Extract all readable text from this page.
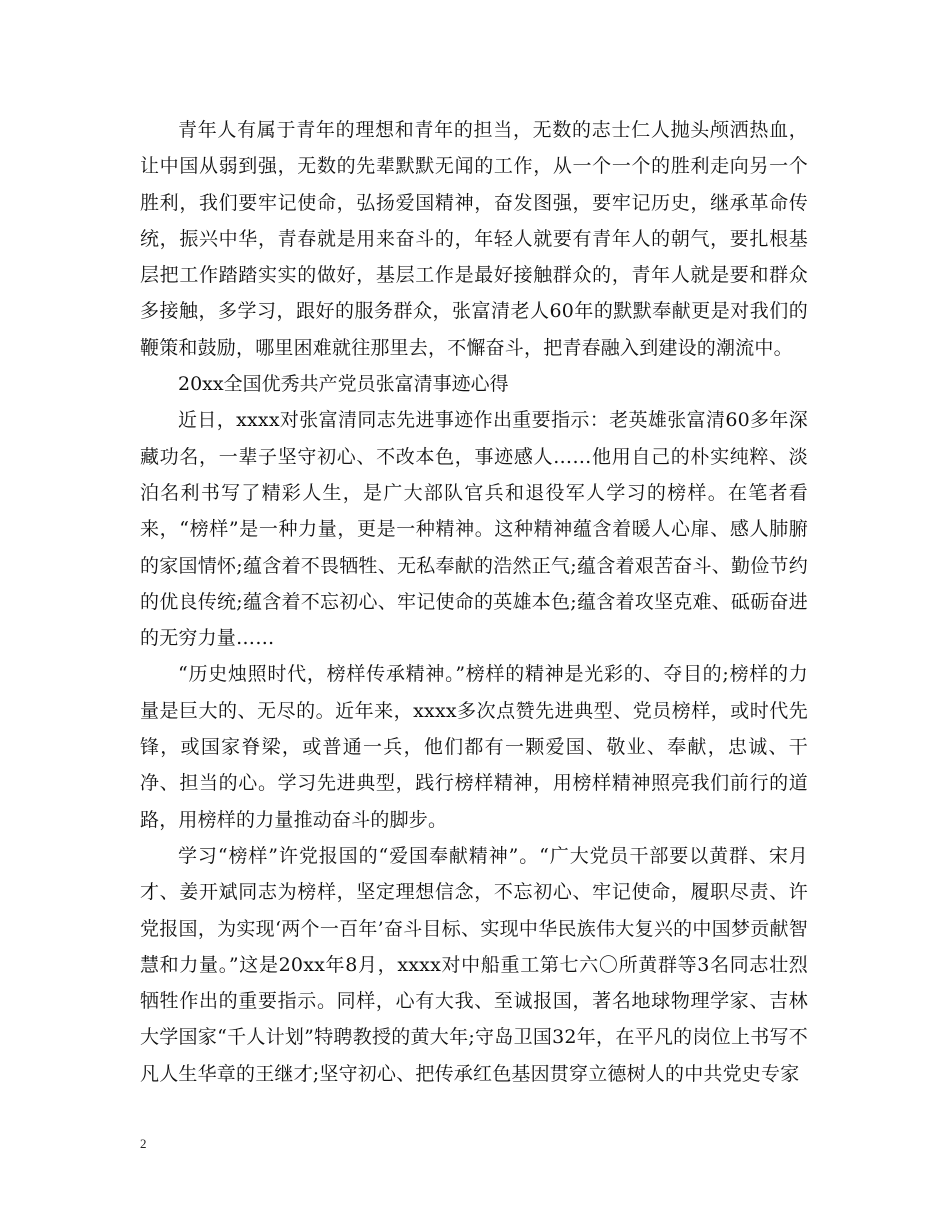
青年人有属于青年的理想和青年的担当，无数的志士仁人抛头颅洒热血，让中国从弱到强，无数的先辈默默无闻的工作，从一个一个的胜利走向另一个胜利，我们要牢记使命，弘扬爱国精神，奋发图强，要牢记历史，继承革命传统，振兴中华，青春就是用来奋斗的，年轻人就要有青年人的朝气，要扎根基层把工作踏踏实实的做好，基层工作是最好接触群众的，青年人就是要和群众多接触，多学习，跟好的服务群众，张富清老人60年的默默奉献更是对我们的鞭策和鼓励，哪里困难就往那里去，不懈奋斗，把青春融入到建设的潮流中。

20xx全国优秀共产党员张富清事迹心得

近日，xxxx对张富清同志先进事迹作出重要指示：老英雄张富清60多年深藏功名，一辈子坚守初心、不改本色，事迹感人……他用自己的朴实纯粹、淡泊名利书写了精彩人生，是广大部队官兵和退役军人学习的榜样。在笔者看来，“榜样”是一种力量，更是一种精神。这种精神蕴含着暖人心扉、感人肺腑的家国情怀;蕴含着不畏牺牲、无私奉献的浩然正气;蕴含着艰苦奋斗、勤俭节约的优良传统;蕴含着不忘初心、牢记使命的英雄本色;蕴含着攻坚克难、砥砺奋进的无穷力量……

“历史烛照时代，榜样传承精神。”榜样的精神是光彩的、夺目的;榜样的力量是巨大的、无尽的。近年来，xxxx多次点赞先进典型、党员榜样，或时代先锋，或国家脊梁，或普通一兵，他们都有一颗爱国、敬业、奉献，忠诚、干净、担当的心。学习先进典型，践行榜样精神，用榜样精神照亮我们前行的道路，用榜样的力量推动奋斗的脚步。

学习“榜样”许党报国的“爱国奉献精神”。“广大党员干部要以黄群、宋月才、姜开斌同志为榜样，坚定理想信念，不忘初心、牢记使命，履职尽责、许党报国，为实现‘两个一百年’奋斗目标、实现中华民族伟大复兴的中国梦贡献智慧和力量。”这是20xx年8月，xxxx对中船重工第七六〇所黄群等3名同志壮烈牺牲作出的重要指示。同样，心有大我、至诚报国，著名地球物理学家、吉林大学国家“千人计划”特聘教授的黄大年;守岛卫国32年，在平凡的岗位上书写不凡人生华章的王继才;坚守初心、把传承红色基因贯穿立德树人的中共党史专家

2
